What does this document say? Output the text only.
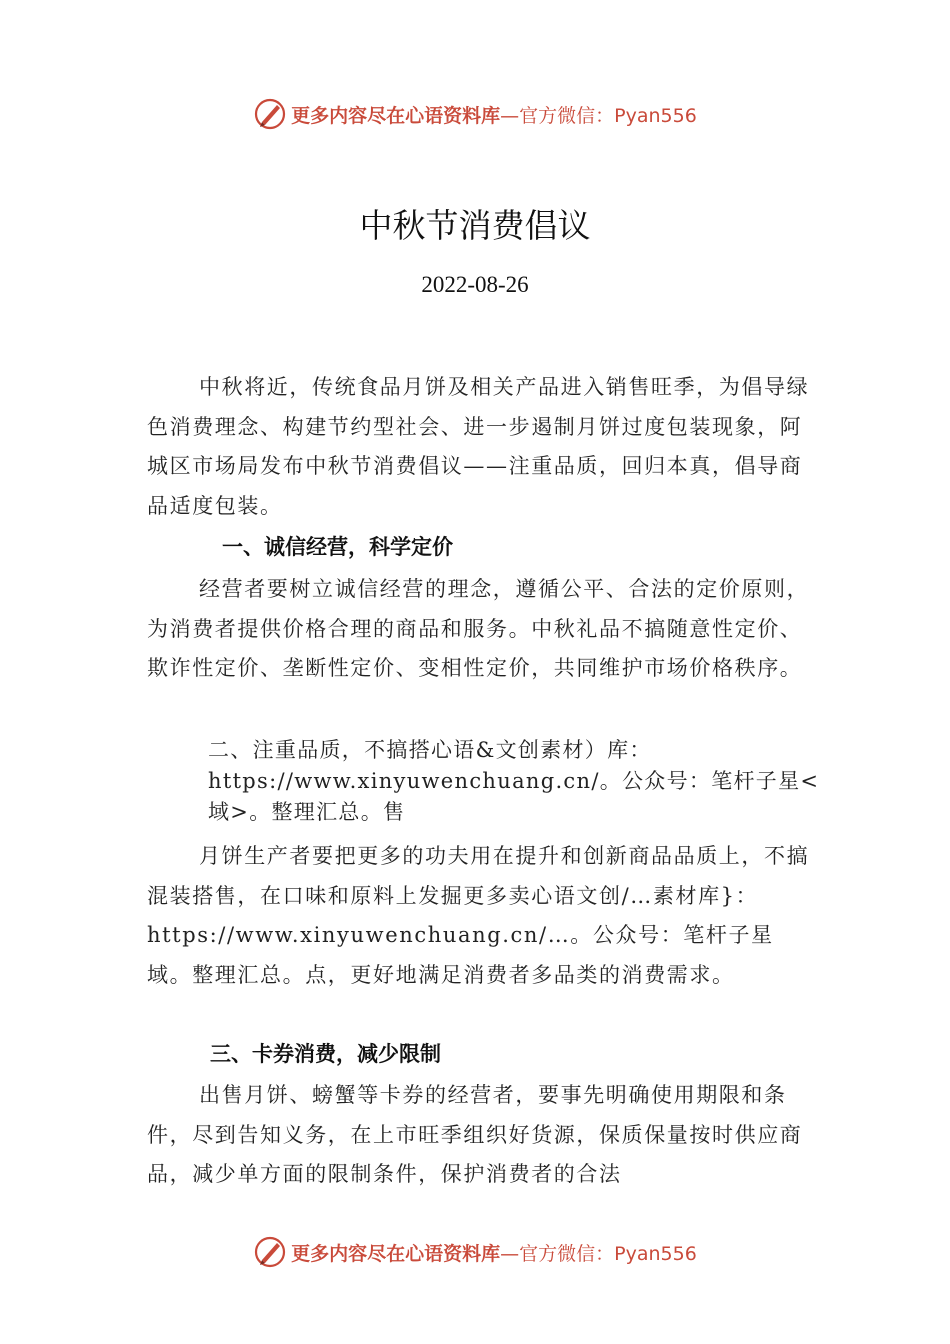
更多内容尽在心语资料库 —官方微信：Pyan556
中秋节消费倡议
2022-08-26

中秋将近，传统食品月饼及相关产品进入销售旺季，为倡导绿色消费理念、构建节约型社会、进一步遏制月饼过度包装现象，阿城区市场局发布中秋节消费倡议——注重品质，回归本真，倡导商品适度包装。

一、诚信经营，科学定价

经营者要树立诚信经营的理念，遵循公平、合法的定价原则，为消费者提供价格合理的商品和服务。中秋礼品不搞随意性定价、欺诈性定价、垄断性定价、变相性定价，共同维护市场价格秩序。

二、注重品质，不搞搭心语&文创素材）库：https://www.xinyuwenchuang.cn/。公众号：笔杆子星<域>。整理汇总。售

月饼生产者要把更多的功夫用在提升和创新商品品质上，不搞混装搭售，在口味和原料上发掘更多卖心语文创/…素材库}：https://www.xinyuwenchuang.cn/…。公众号：笔杆子星域。整理汇总。点，更好地满足消费者多品类的消费需求。

三、卡券消费，减少限制

出售月饼、螃蟹等卡券的经营者，要事先明确使用期限和条件，尽到告知义务，在上市旺季组织好货源，保质保量按时供应商品，减少单方面的限制条件，保护消费者的合法

更多内容尽在心语资料库 —官方微信：Pyan556
